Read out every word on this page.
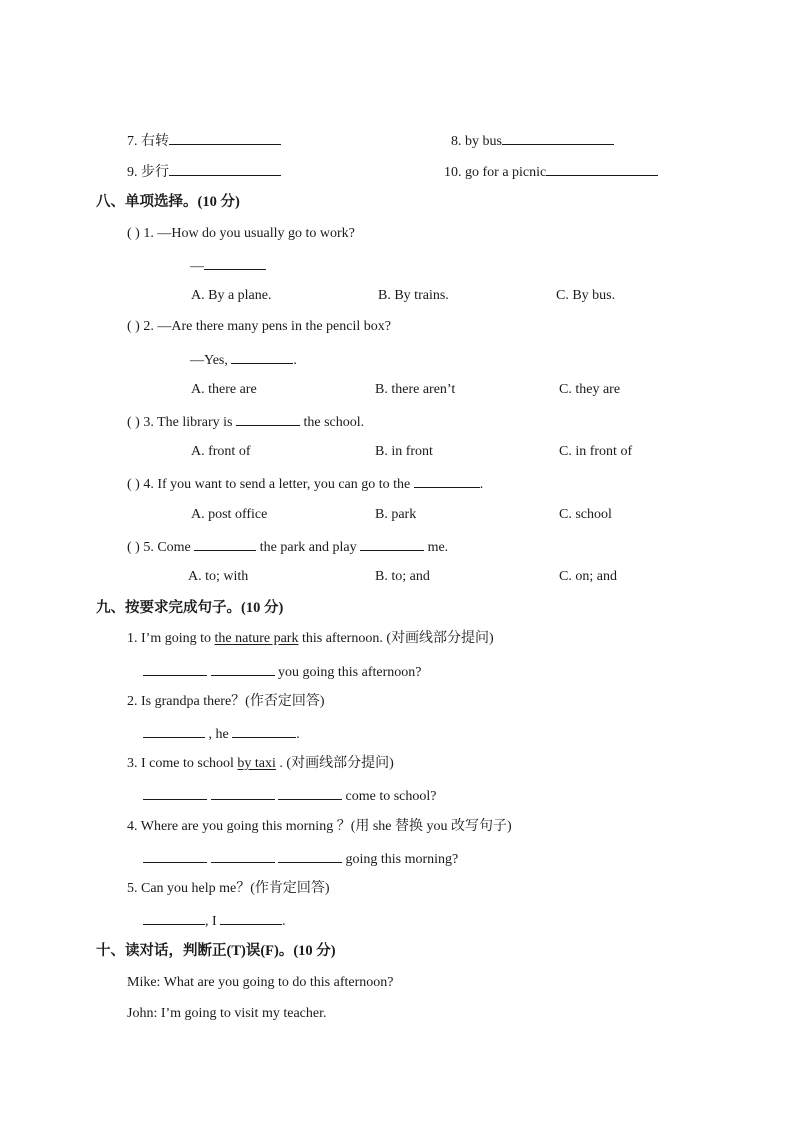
7. 右转	8. by bus
9. 步行	10. go for a picnic
八、单项选择。(10 分)
( ) 1. —How do you usually go to work?
—
A. By a plane.	B. By trains.	C. By bus.
( ) 2. —Are there many pens in the pencil box?
—Yes,	.
A. there are	B. there aren’t	C. they are
( ) 3. The library is	the school.
A. front of	B. in front	C. in front of
( ) 4. If you want to send a letter, you can go to the	.
A. post office	B. park	C. school
( ) 5. Come	the park and play	me.
A. to; with	B. to; and	C. on; and
九、按要求完成句子。(10 分)
1. I’m going to the nature park this afternoon. (对画线部分提问)
you going this afternoon?
2. Is grandpa there？(作否定回答)
, he	.
3. I come to school by taxi . (对画线部分提问)
come to school?
4. Where are you going this morning ？(用 she 替换 you 改写句子)
going this morning?
5. Can you help me？(作肯定回答)
, I	.
十、读对话，判断正(T)误(F)。(10 分)
Mike: What are you going to do this afternoon?
John: I’m going to visit my teacher.
